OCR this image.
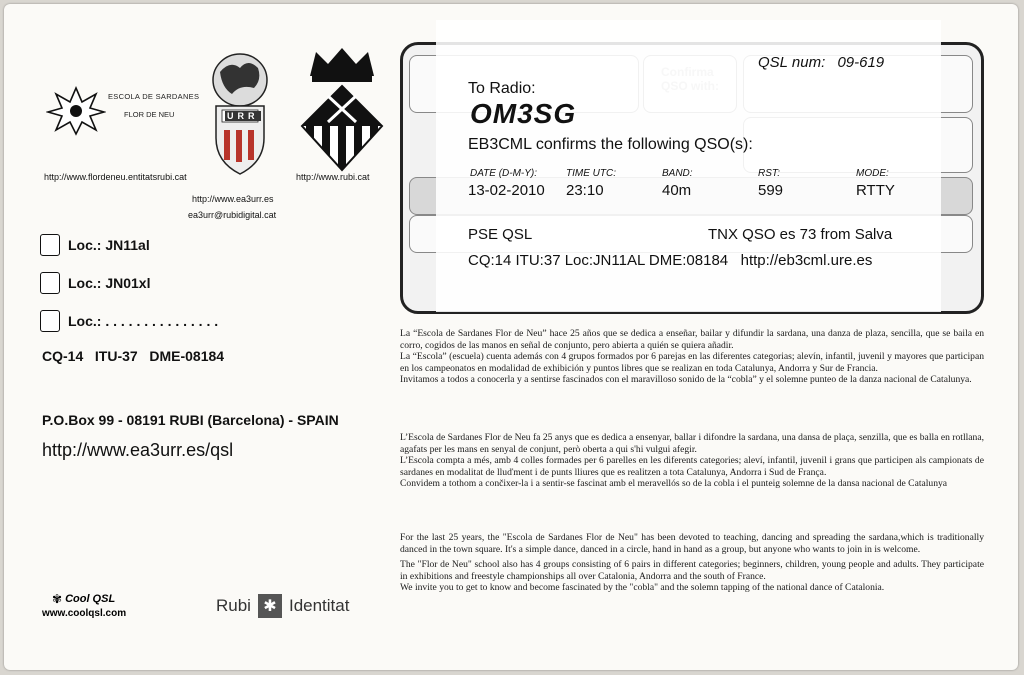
ESCOLA DE SARDANES
FLOR DE NEU	URR
http://www.flordeneu.entitatsrubi.cat	http://www.rubi.cat
http://www.ea3urr.es
ea3urr@rubidigital.cat
Loc.: JN11al
Loc.: JN01xl
Loc.: . . . . . . . . . . . . . . .
CQ-14   ITU-37   DME-08184
P.O.Box 99 - 08191 RUBI (Barcelona) - SPAIN
http://www.ea3urr.es/qsl
✾ Cool QSL
www.coolqsl.com	Rubi ✱ Identitat
QSL num: 09-619
To Radio:
OM3SG
EB3CML confirms the following QSO(s):
DATE (D-M-Y):	TIME UTC:	BAND:	RST:	MODE:
13-02-2010 23:10	40m	599	RTTY
PSE QSL	TNX QSO es 73 from Salva
CQ:14 ITU:37 Loc:JN11AL DME:08184   http://eb3cml.ure.es

La “Escola de Sardanes Flor de Neu” hace 25 años que se dedica a enseñar, bailar y difundir la sardana, una danza de plaza, sencilla, que se baila en corro, cogidos de las manos en señal de conjunto, pero abierta a quién se quiera añadir.

La “Escola” (escuela) cuenta además con 4 grupos formados por 6 parejas en las diferentes categorias; alevín, infantil, juvenil y mayores que participan en los campeonatos en modalidad de exhibición y puntos libres que se realizan en toda Catalunya, Andorra y Sur de Francia.

Invitamos a todos a conocerla y a sentirse fascinados con el maravilloso sonido de la “cobla” y el solemne punteo de la danza nacional de Catalunya.

L’Escola de Sardanes Flor de Neu fa 25 anys que es dedica a ensenyar, ballar i difondre la sardana, una dansa de plaça, senzilla, que es balla en rotllana, agafats per les mans en senyal de conjunt, però oberta a qui s'hi vulgui afegir.

L’Escola compta a més, amb 4 colles formades per 6 parelles en les diferents categories; aleví, infantil, juvenil i grans que participen als campionats de sardanes en modalitat de lluďment i de punts lliures que es realitzen a tota Catalunya, Andorra i Sud de França.

Convidem a tothom a cončixer-la i a sentir-se fascinat amb el meravellós so de la cobla i el punteig solemne de la dansa nacional de Catalunya

For the last 25 years, the "Escola de Sardanes Flor de Neu" has been devoted to teaching, dancing and spreading the sardana,which is traditionally danced in the town square. It's a simple dance, danced in a circle, hand in hand as a group, but anyone who wants to join in is welcome.

The "Flor de Neu" school also has 4 groups consisting of 6 pairs in different categories; beginners, children, young people and adults. They participate in exhibitions and freestyle championships all over Catalonia, Andorra and the south of France.

We invite you to get to know and become fascinated by the "cobla" and the solemn tapping of the national dance of Catalonia.
